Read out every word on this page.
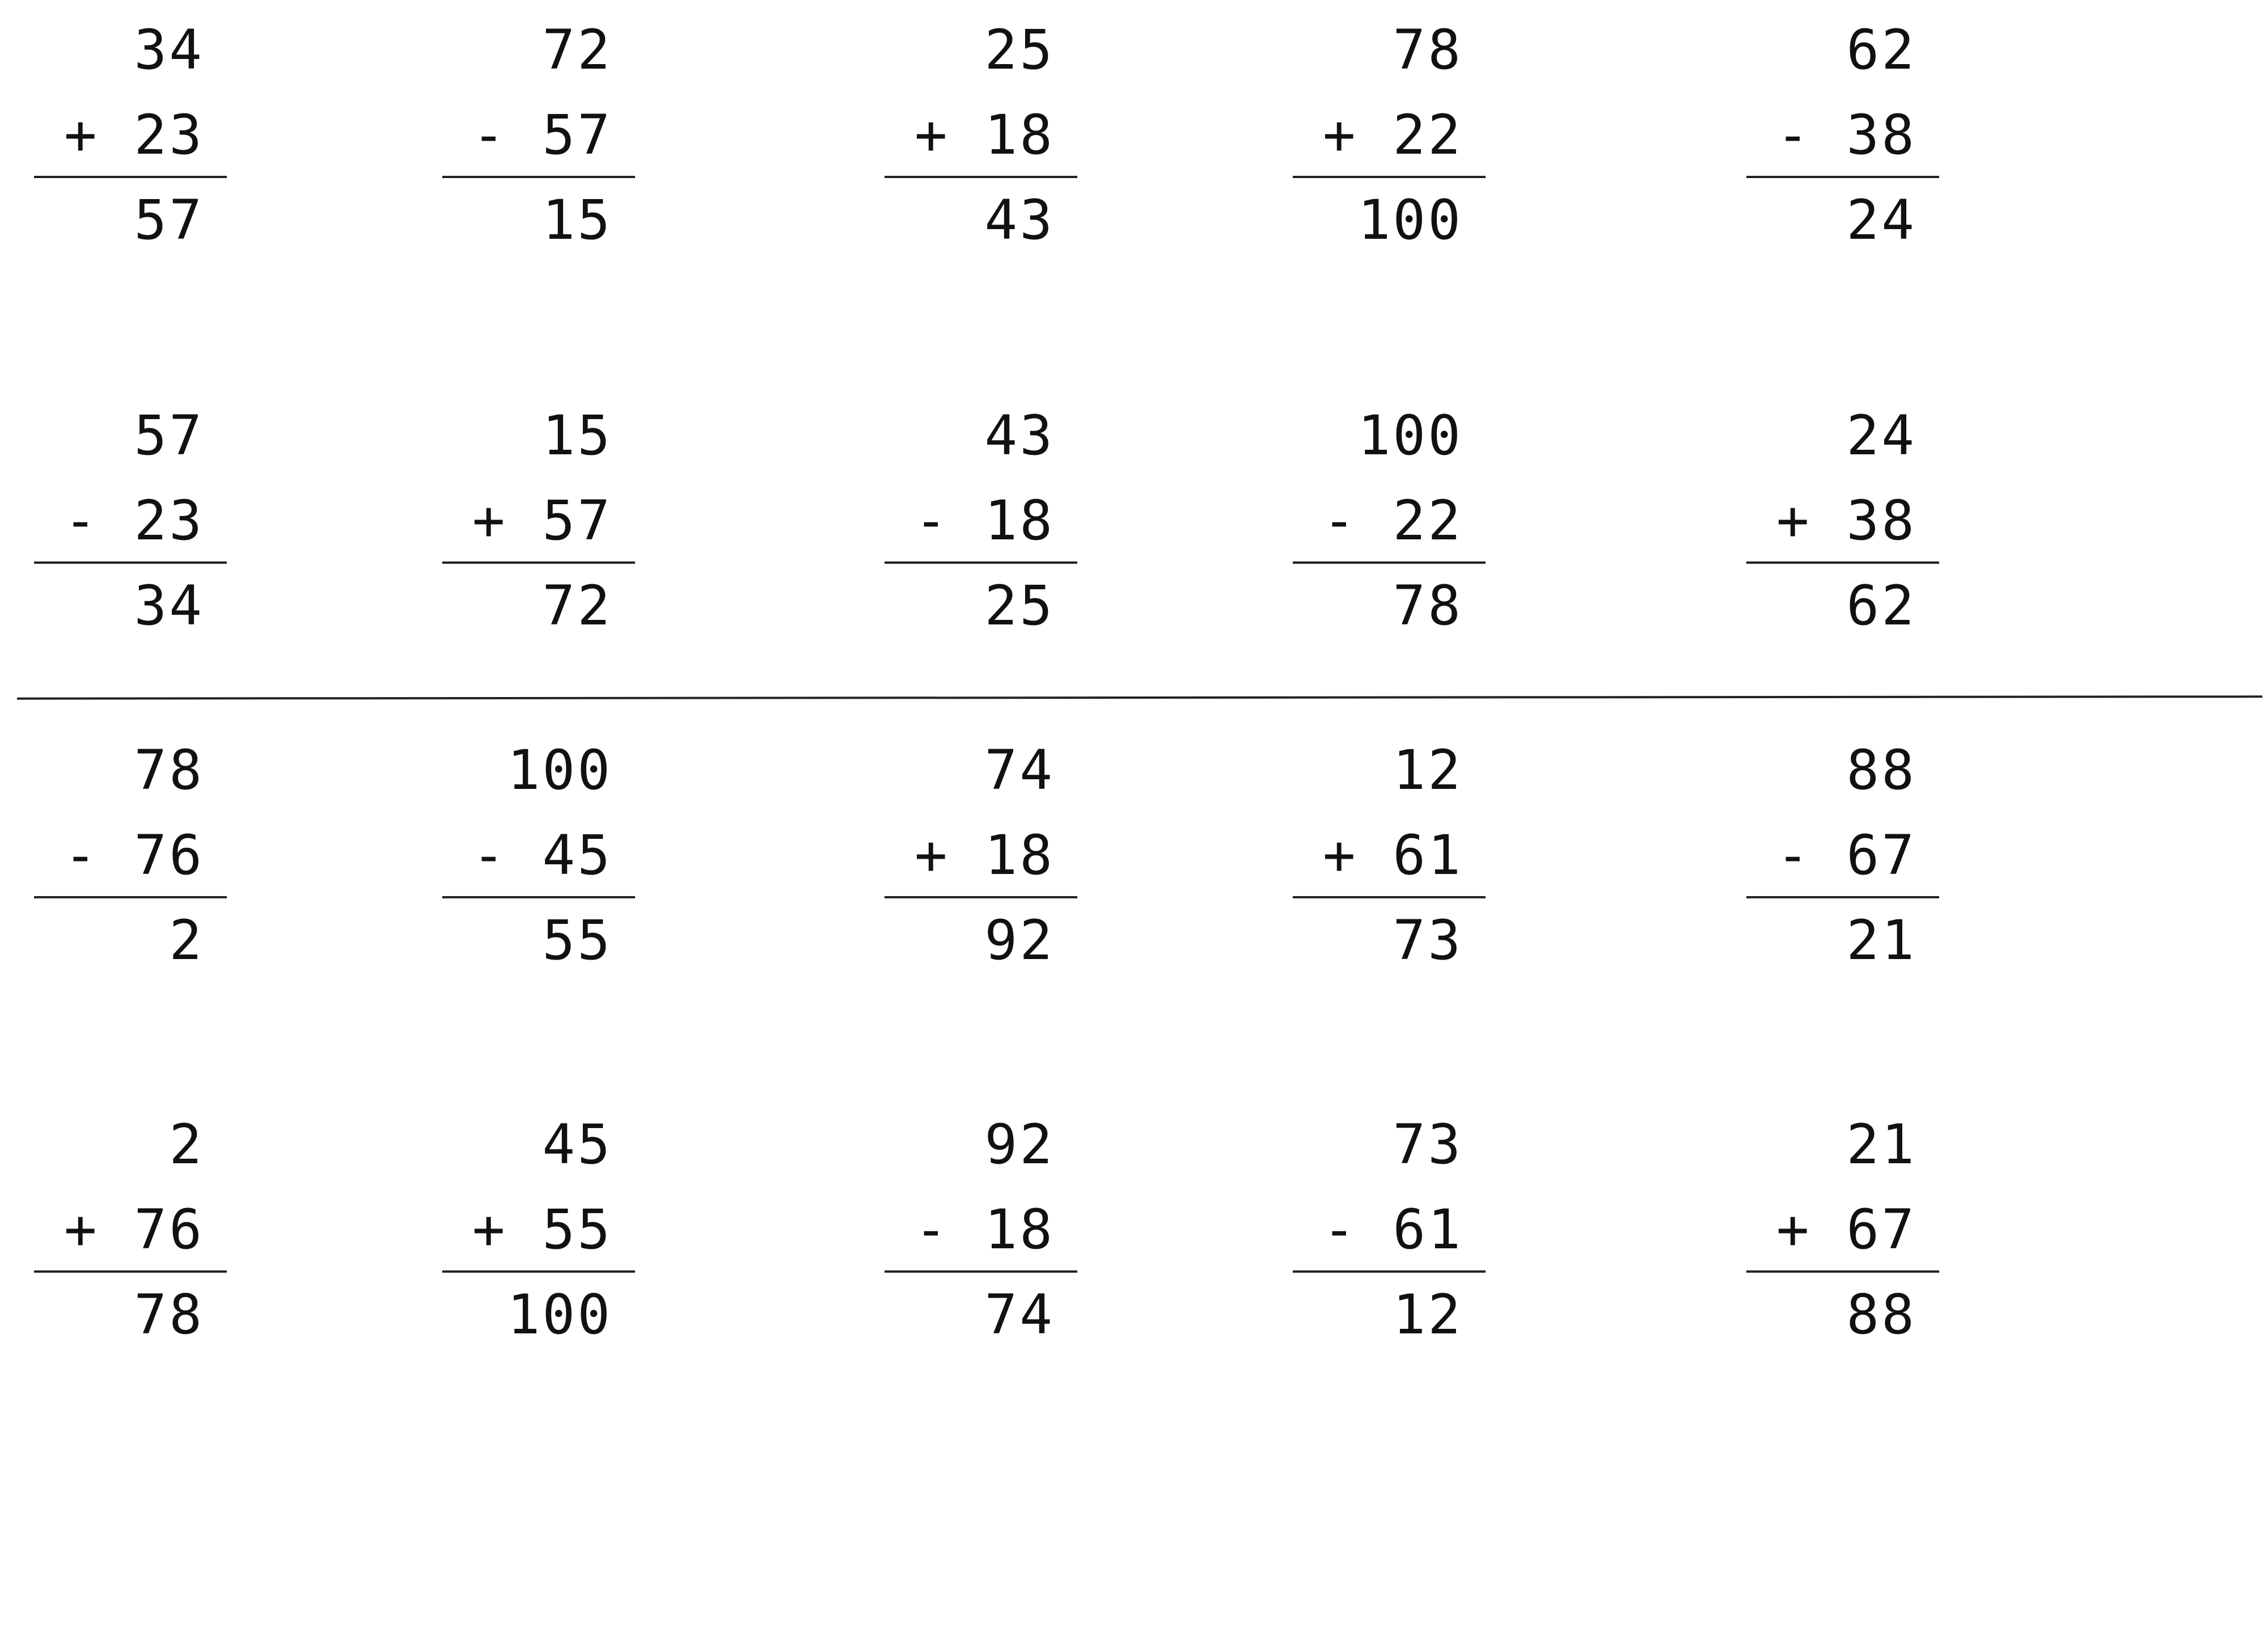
34
+ 23
57
72
- 57
15
25
+ 18
43
78
+ 22
100
62
- 38
24
57
- 23
34
15
+ 57
72
43
- 18
25
100
- 22
78
24
+ 38
62
78
- 76
2
100
- 45
55
74
+ 18
92
12
+ 61
73
88
- 67
21
2
+ 76
78
45
+ 55
100
92
- 18
74
73
- 61
12
21
+ 67
88
